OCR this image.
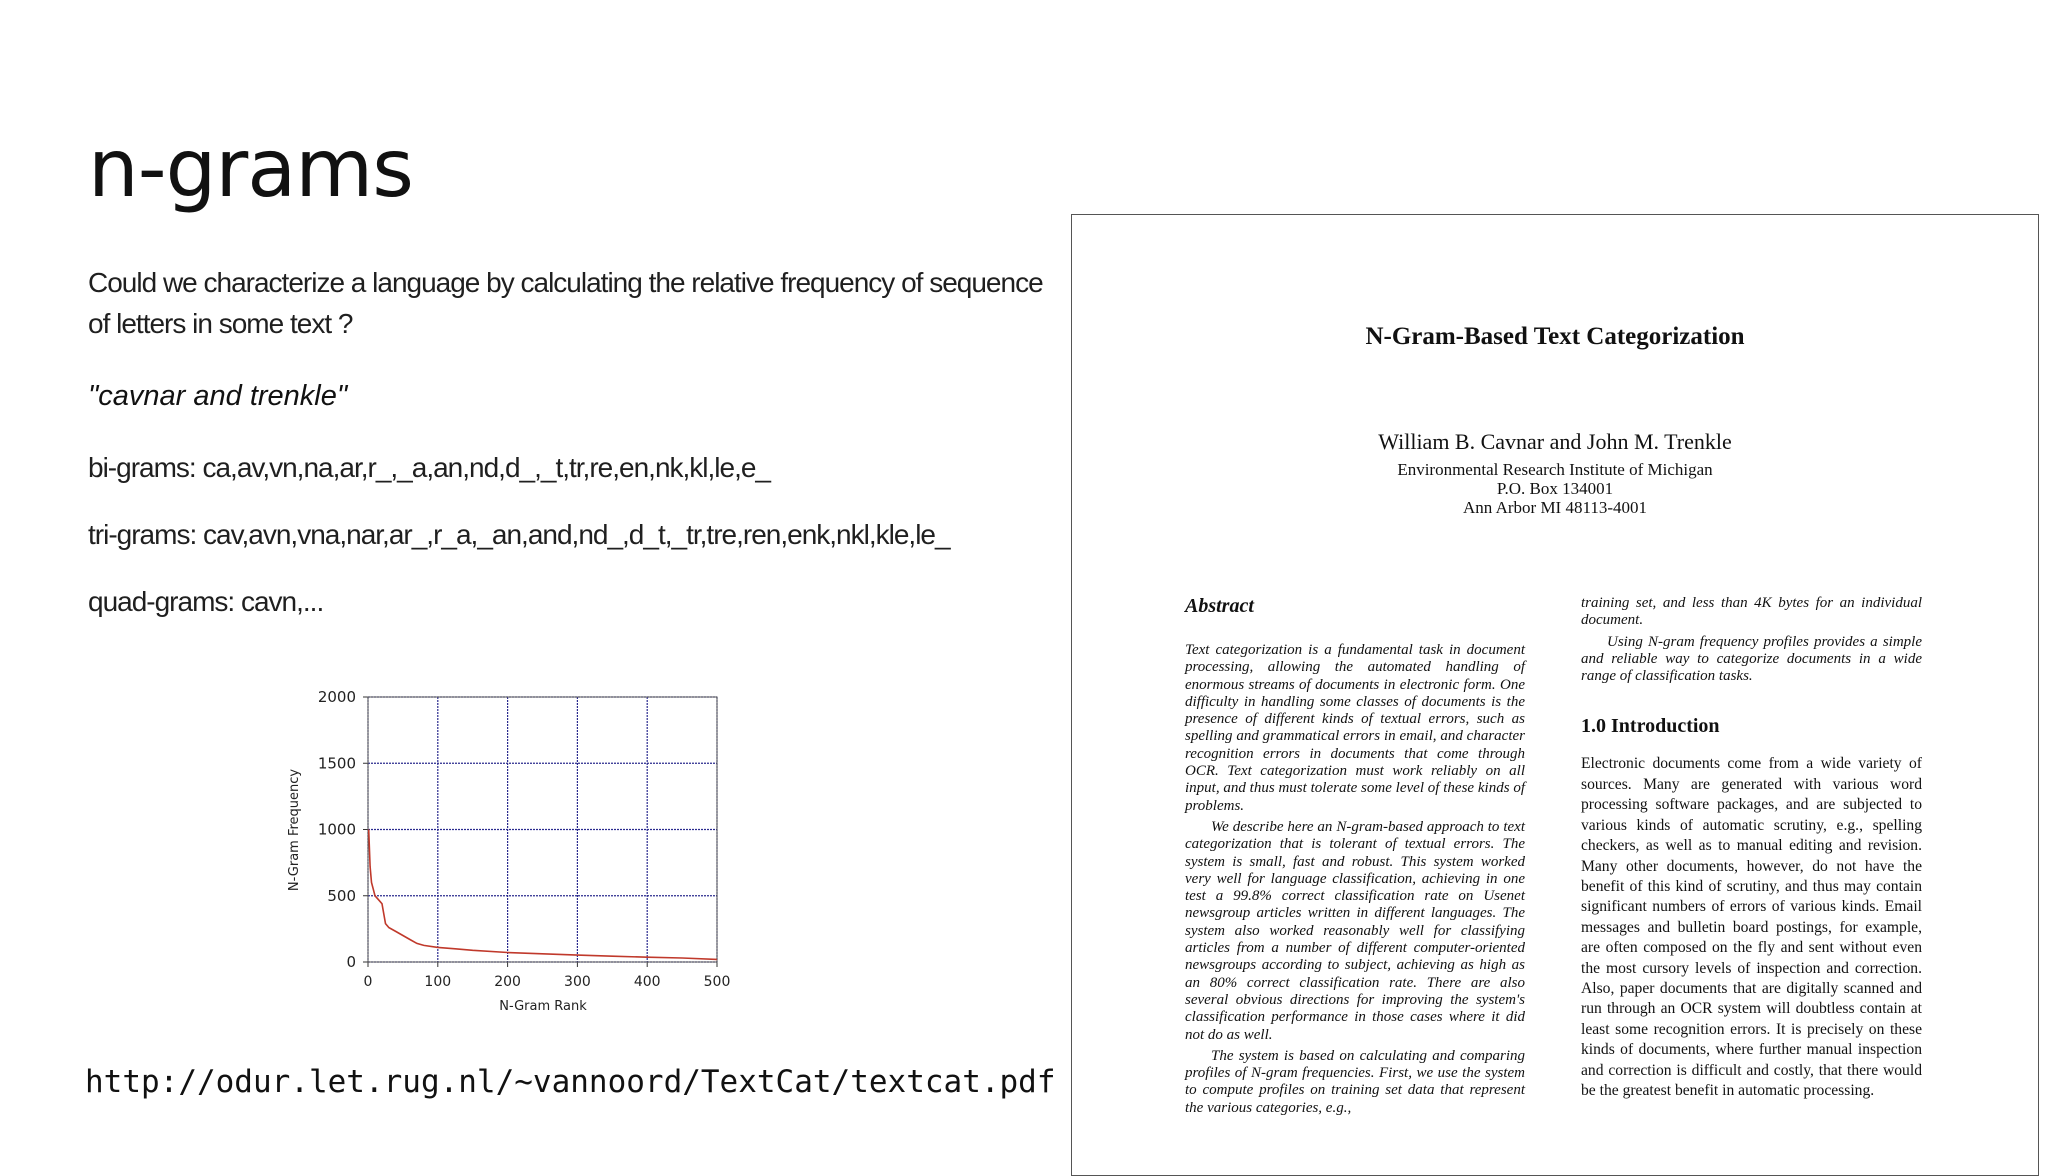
n-grams
Could we characterize a language by calculating the relative frequency of sequence of letters in some text ?
"cavnar and trenkle"
bi-grams: ca,av,vn,na,ar,r_,_a,an,nd,d_,_t,tr,re,en,nk,kl,le,e_
tri-grams: cav,avn,vna,nar,ar_,r_a,_an,and,nd_,d_t,_tr,tre,ren,enk,nkl,kle,le_
quad-grams: cavn,...
0	100	200	300	400	500
0
500
1000
1500
2000
N-Gram Rank
N-Gram Frequency
http://odur.let.rug.nl/~vannoord/TextCat/textcat.pdf
N-Gram-Based Text Categorization
William B. Cavnar and John M. Trenkle
Environmental Research Institute of Michigan
P.O. Box 134001
Ann Arbor MI 48113-4001
Abstract

Text categorization is a fundamental task in document processing, allowing the automated handling of enormous streams of documents in electronic form. One difficulty in handling some classes of documents is the presence of different kinds of textual errors, such as spelling and grammatical errors in email, and character recognition errors in documents that come through OCR. Text categorization must work reliably on all input, and thus must tolerate some level of these kinds of problems.

We describe here an N-gram-based approach to text categorization that is tolerant of textual errors. The system is small, fast and robust. This system worked very well for language classification, achieving in one test a 99.8% correct classification rate on Usenet newsgroup articles written in different languages. The system also worked reasonably well for classifying articles from a number of different computer-oriented newsgroups according to subject, achieving as high as an 80% correct classification rate. There are also several obvious directions for improving the system's classification performance in those cases where it did not do as well.

The system is based on calculating and comparing profiles of N-gram frequencies. First, we use the system to compute profiles on training set data that represent the various categories, e.g.,

training set, and less than 4K bytes for an individual document.

Using N-gram frequency profiles provides a simple and reliable way to categorize documents in a wide range of classification tasks.

1.0 Introduction

Electronic documents come from a wide variety of sources. Many are generated with various word processing software packages, and are subjected to various kinds of automatic scrutiny, e.g., spelling checkers, as well as to manual editing and revision. Many other documents, however, do not have the benefit of this kind of scrutiny, and thus may contain significant numbers of errors of various kinds. Email messages and bulletin board postings, for example, are often composed on the fly and sent without even the most cursory levels of inspection and correction. Also, paper documents that are digitally scanned and run through an OCR system will doubtless contain at least some recognition errors. It is precisely on these kinds of documents, where further manual inspection and correction is difficult and costly, that there would be the greatest benefit in automatic processing.
